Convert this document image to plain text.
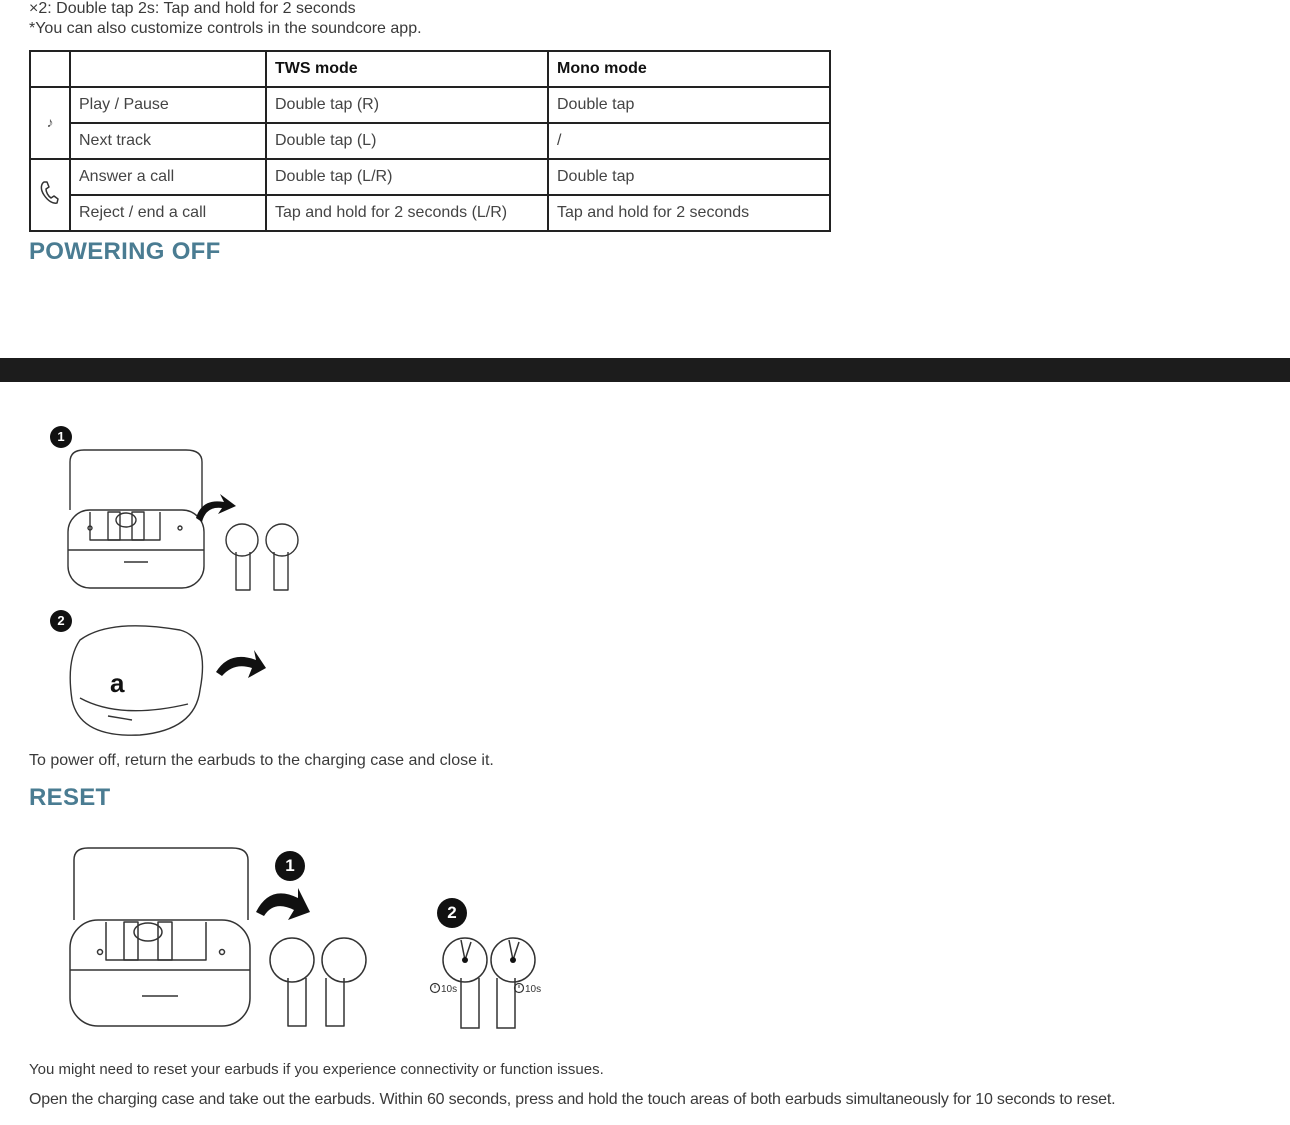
×2: Double tap 2s: Tap and hold for 2 seconds
*You can also customize controls in the soundcore app.
		TWS mode	Mono mode
♪	Play / Pause	Double tap (R)	Double tap
	Next track	Double tap (L)	/
	Answer a call	Double tap (L/R)	Double tap
	Reject / end a call	Tap and hold for 2 seconds (L/R)	Tap and hold for 2 seconds
POWERING OFF
1
2
a
To power off, return the earbuds to the charging case and close it.
RESET
1
2
10s	10s
You might need to reset your earbuds if you experience connectivity or function issues.
Open the charging case and take out the earbuds. Within 60 seconds, press and hold the touch areas of both earbuds simultaneously for 10 seconds to reset.
